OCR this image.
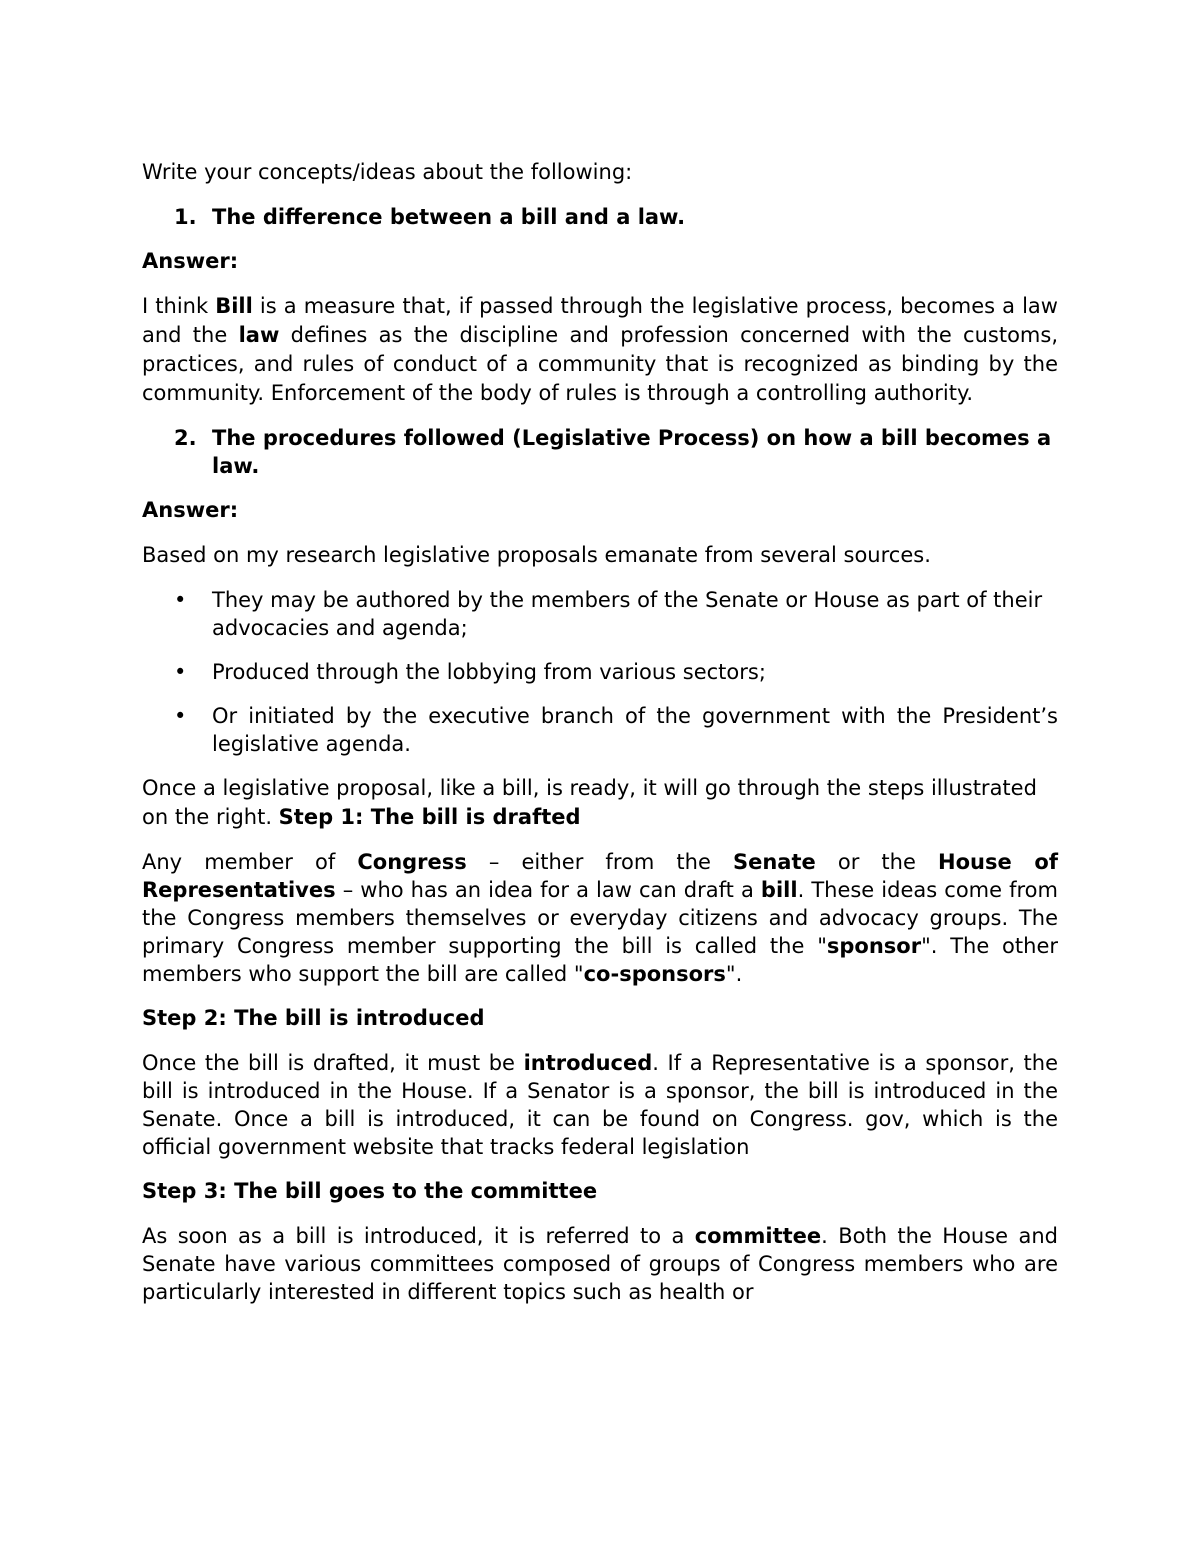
Write your concepts/ideas about the following:

1. The difference between a bill and a law.

Answer:

I think Bill is a measure that, if passed through the legislative process, becomes a law and the law defines as the discipline and profession concerned with the customs, practices, and rules of conduct of a community that is recognized as binding by the community. Enforcement of the body of rules is through a controlling authority.

2. The procedures followed (Legislative Process) on how a bill becomes a law.

Answer:

Based on my research legislative proposals emanate from several sources.

• They may be authored by the members of the Senate or House as part of their advocacies and agenda;
• Produced through the lobbying from various sectors;
• Or initiated by the executive branch of the government with the President’s legislative agenda.

Once a legislative proposal, like a bill, is ready, it will go through the steps illustrated on the right. Step 1: The bill is drafted

Any member of Congress – either from the Senate or the House of Representatives – who has an idea for a law can draft a bill. These ideas come from the Congress members themselves or everyday citizens and advocacy groups. The primary Congress member supporting the bill is called the "sponsor". The other members who support the bill are called "co-sponsors".

Step 2: The bill is introduced

Once the bill is drafted, it must be introduced. If a Representative is a sponsor, the bill is introduced in the House. If a Senator is a sponsor, the bill is introduced in the Senate. Once a bill is introduced, it can be found on Congress. gov, which is the official government website that tracks federal legislation

Step 3: The bill goes to the committee

As soon as a bill is introduced, it is referred to a committee. Both the House and Senate have various committees composed of groups of Congress members who are particularly interested in different topics such as health or
